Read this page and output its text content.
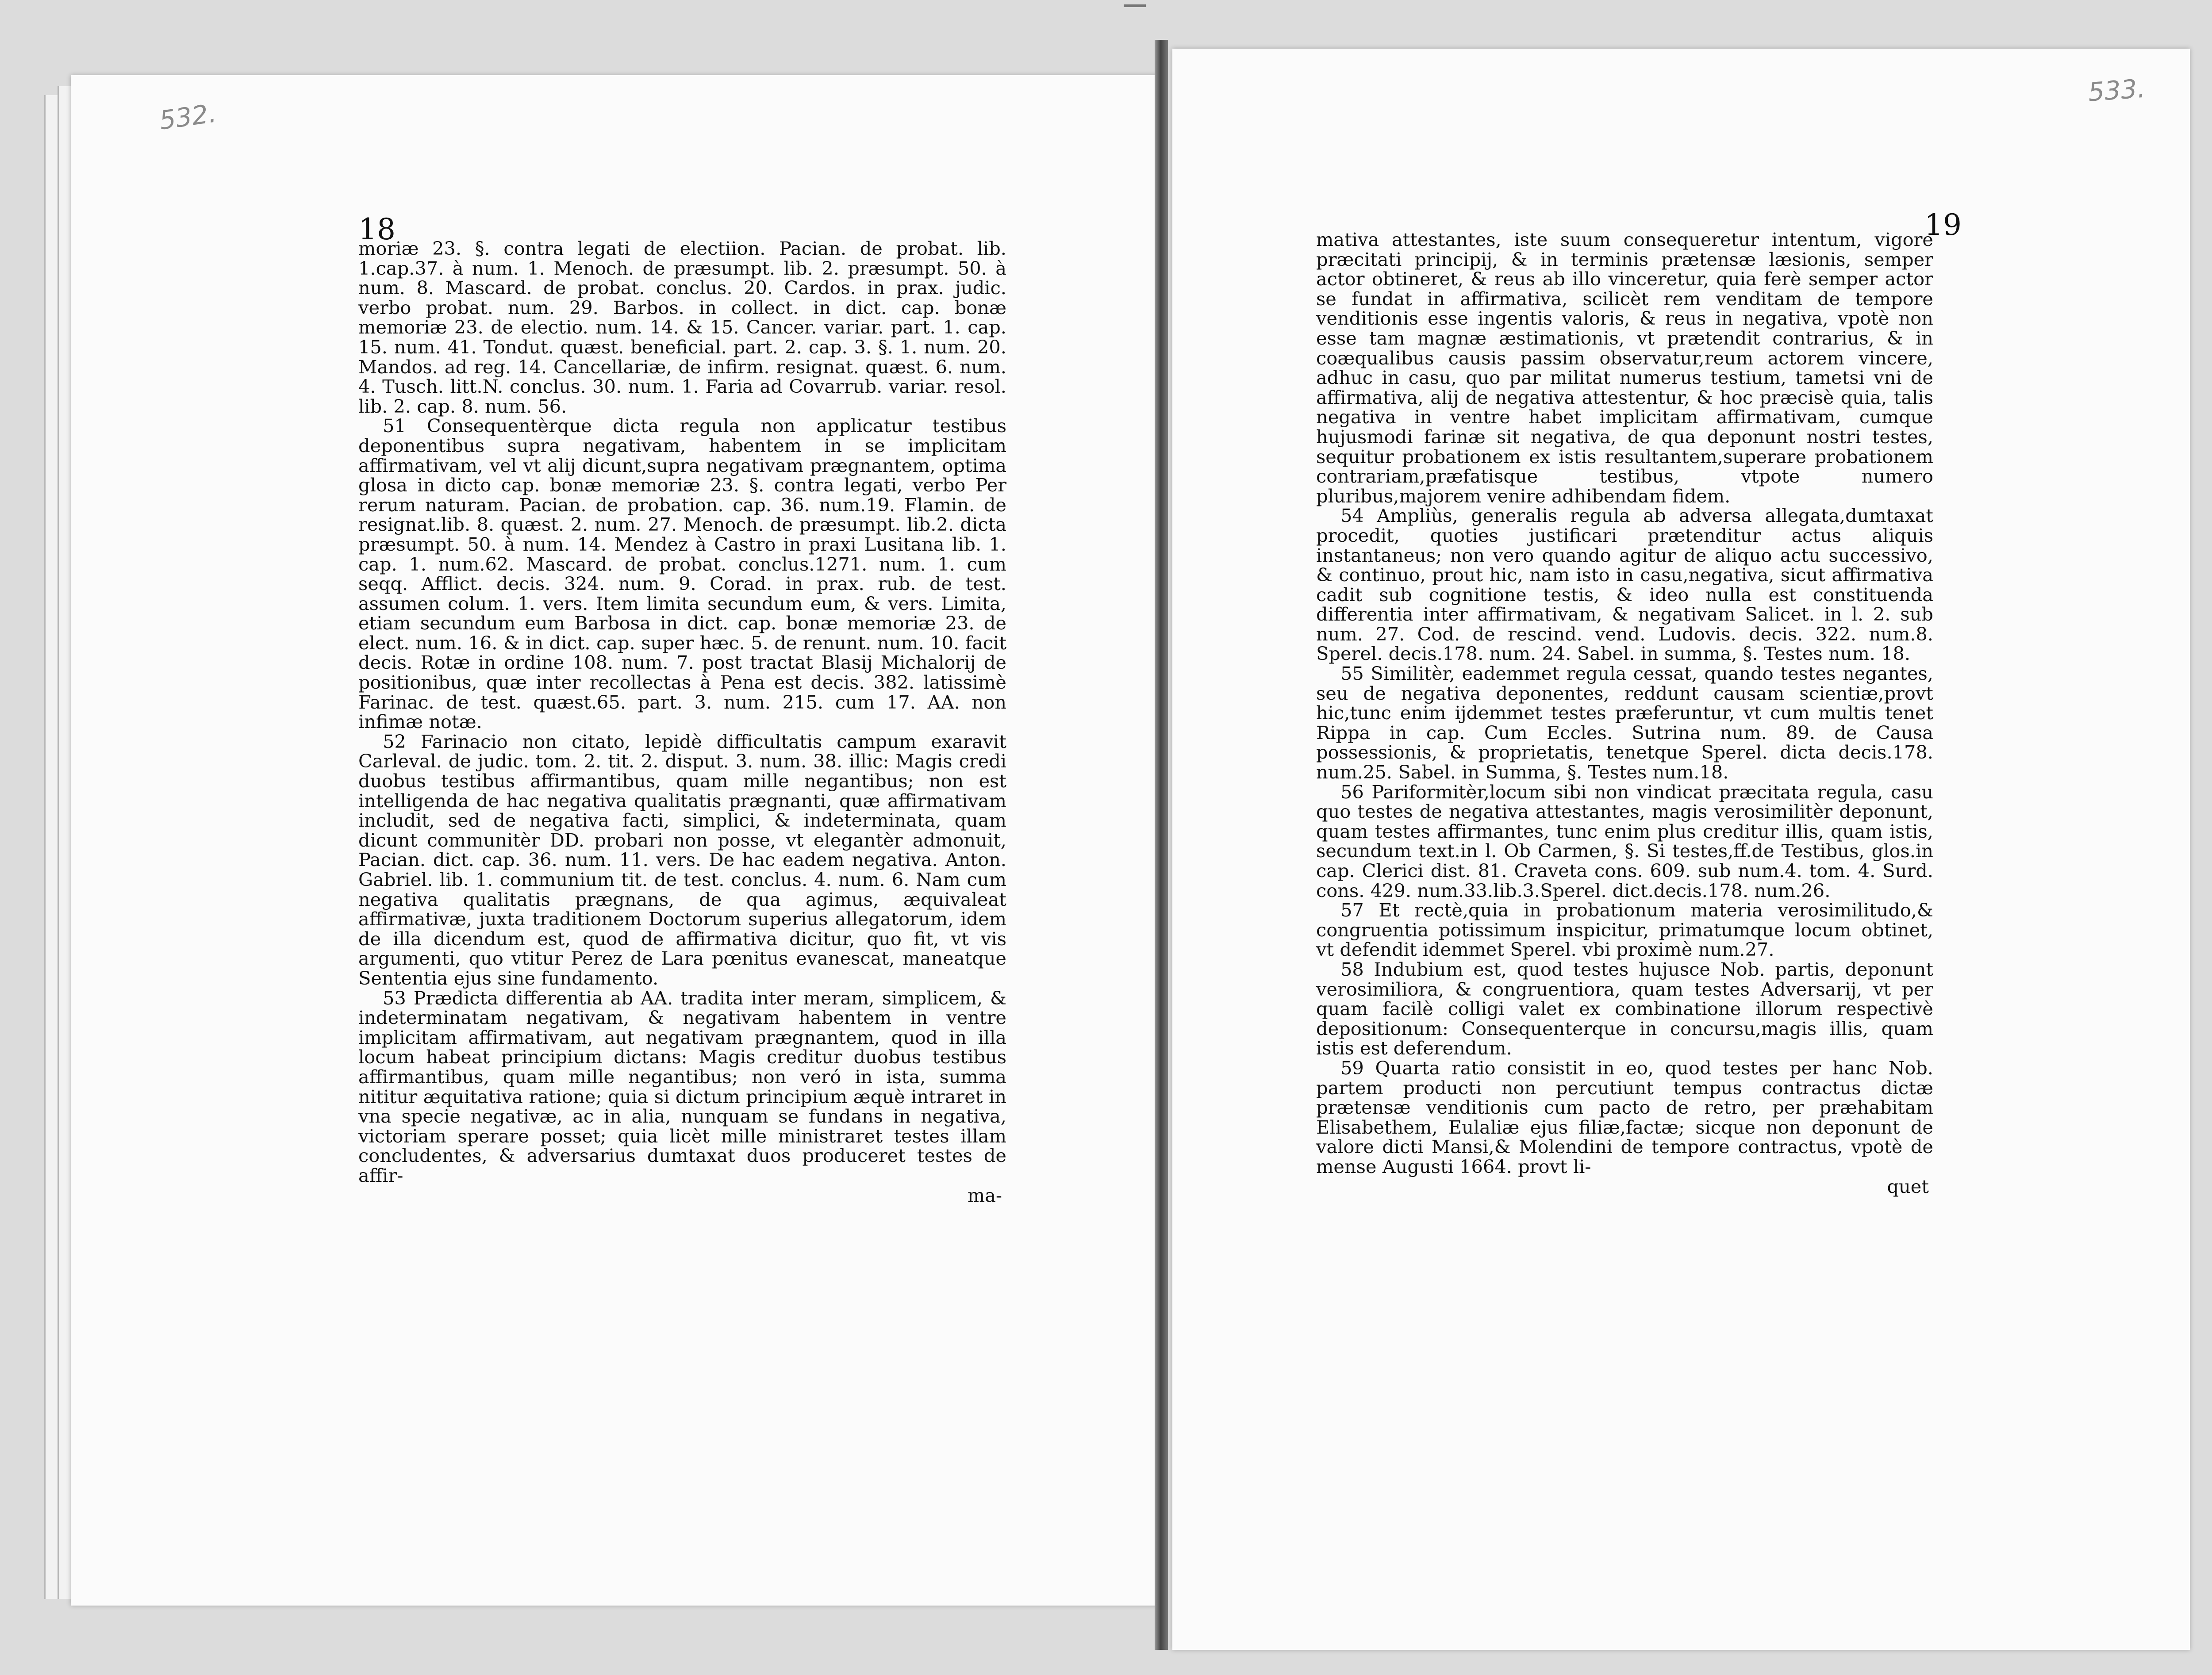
532.
533.
18	19

moriæ 23. §. contra legati de electiion. Pacian. de probat. lib. 1.cap.37. à num. 1. Menoch. de præsumpt. lib. 2. præsumpt. 50. à num. 8. Mascard. de probat. conclus. 20. Cardos. in prax. judic. verbo probat. num. 29. Barbos. in collect. in dict. cap. bonæ memoriæ 23. de electio. num. 14. & 15. Cancer. variar. part. 1. cap. 15. num. 41. Tondut. quæst. beneficial. part. 2. cap. 3. §. 1. num. 20. Mandos. ad reg. 14. Cancellariæ, de infirm. resignat. quæst. 6. num. 4. Tusch. litt.N. conclus. 30. num. 1. Faria ad Covarrub. variar. resol. lib. 2. cap. 8. num. 56.

51 Consequentèrque dicta regula non applicatur testibus deponentibus supra negativam, habentem in se implicitam affirmativam, vel vt alij dicunt,supra negativam prægnantem, optima glosa in dicto cap. bonæ memoriæ 23. §. contra legati, verbo Per rerum naturam. Pacian. de probation. cap. 36. num.19. Flamin. de resignat.lib. 8. quæst. 2. num. 27. Menoch. de præsumpt. lib.2. dicta præsumpt. 50. à num. 14. Mendez à Castro in praxi Lusitana lib. 1. cap. 1. num.62. Mascard. de probat. conclus.1271. num. 1. cum seqq. Afflict. decis. 324. num. 9. Corad. in prax. rub. de test. assumen colum. 1. vers. Item limita secundum eum, & vers. Limita, etiam secundum eum Barbosa in dict. cap. bonæ memoriæ 23. de elect. num. 16. & in dict. cap. super hæc. 5. de renunt. num. 10. facit decis. Rotæ in ordine 108. num. 7. post tractat Blasij Michalorij de positionibus, quæ inter recollectas à Pena est decis. 382. latissimè Farinac. de test. quæst.65. part. 3. num. 215. cum 17. AA. non infimæ notæ.

52 Farinacio non citato, lepidè difficultatis campum exaravit Carleval. de judic. tom. 2. tit. 2. disput. 3. num. 38. illic: Magis credi duobus testibus affirmantibus, quam mille negantibus; non est intelligenda de hac negativa qualitatis prægnanti, quæ affirmativam includit, sed de negativa facti, simplici, & indeterminata, quam dicunt communitèr DD. probari non posse, vt elegantèr admonuit, Pacian. dict. cap. 36. num. 11. vers. De hac eadem negativa. Anton. Gabriel. lib. 1. communium tit. de test. conclus. 4. num. 6. Nam cum negativa qualitatis prægnans, de qua agimus, æquivaleat affirmativæ, juxta traditionem Doctorum superius allegatorum, idem de illa dicendum est, quod de affirmativa dicitur, quo fit, vt vis argumenti, quo vtitur Perez de Lara pœnitus evanescat, maneatque Sententia ejus sine fundamento.

53 Prædicta differentia ab AA. tradita inter meram, simplicem, & indeterminatam negativam, & negativam habentem in ventre implicitam affirmativam, aut negativam prægnantem, quod in illa locum habeat principium dictans: Magis creditur duobus testibus affirmantibus, quam mille negantibus; non veró in ista, summa nititur æquitativa ratione; quia si dictum principium æquè intraret in vna specie negativæ, ac in alia, nunquam se fundans in negativa, victoriam sperare posset; quia licèt mille ministraret testes illam concludentes, & adversarius dumtaxat duos produceret testes de affir-

ma-

mativa attestantes, iste suum consequeretur intentum, vigore præcitati principij, & in terminis prætensæ læsionis, semper actor obtineret, & reus ab illo vinceretur, quia ferè semper actor se fundat in affirmativa, scilicèt rem venditam de tempore venditionis esse ingentis valoris, & reus in negativa, vpotè non esse tam magnæ æstimationis, vt prætendit contrarius, & in coæqualibus causis passim observatur,reum actorem vincere, adhuc in casu, quo par militat numerus testium, tametsi vni de affirmativa, alij de negativa attestentur, & hoc præcisè quia, talis negativa in ventre habet implicitam affirmativam, cumque hujusmodi farinæ sit negativa, de qua deponunt nostri testes, sequitur probationem ex istis resultantem,superare probationem contrariam,præfatisque testibus, vtpote numero pluribus,majorem venire adhibendam fidem.

54 Ampliùs, generalis regula ab adversa allegata,dumtaxat procedit, quoties justificari prætenditur actus aliquis instantaneus; non vero quando agitur de aliquo actu successivo, & continuo, prout hic, nam isto in casu,negativa, sicut affirmativa cadit sub cognitione testis, & ideo nulla est constituenda differentia inter affirmativam, & negativam Salicet. in l. 2. sub num. 27. Cod. de rescind. vend. Ludovis. decis. 322. num.8. Sperel. decis.178. num. 24. Sabel. in summa, §. Testes num. 18.

55 Similitèr, eademmet regula cessat, quando testes negantes, seu de negativa deponentes, reddunt causam scientiæ,provt hic,tunc enim ijdemmet testes præferuntur, vt cum multis tenet Rippa in cap. Cum Eccles. Sutrina num. 89. de Causa possessionis, & proprietatis, tenetque Sperel. dicta decis.178. num.25. Sabel. in Summa, §. Testes num.18.

56 Pariformitèr,locum sibi non vindicat præcitata regula, casu quo testes de negativa attestantes, magis verosimilitèr deponunt, quam testes affirmantes, tunc enim plus creditur illis, quam istis, secundum text.in l. Ob Carmen, §. Si testes,ff.de Testibus, glos.in cap. Clerici dist. 81. Craveta cons. 609. sub num.4. tom. 4. Surd. cons. 429. num.33.lib.3.Sperel. dict.decis.178. num.26.

57 Et rectè,quia in probationum materia verosimilitudo,& congruentia potissimum inspicitur, primatumque locum obtinet, vt defendit idemmet Sperel. vbi proximè num.27.

58 Indubium est, quod testes hujusce Nob. partis, deponunt verosimiliora, & congruentiora, quam testes Adversarij, vt per quam facilè colligi valet ex combinatione illorum respectivè depositionum: Consequenterque in concursu,magis illis, quam istis est deferendum.

59 Quarta ratio consistit in eo, quod testes per hanc Nob. partem producti non percutiunt tempus contractus dictæ prætensæ venditionis cum pacto de retro, per præhabitam Elisabethem, Eulaliæ ejus filiæ,factæ; sicque non deponunt de valore dicti Mansi,& Molendini de tempore contractus, vpotè de mense Augusti 1664. provt li-

quet
